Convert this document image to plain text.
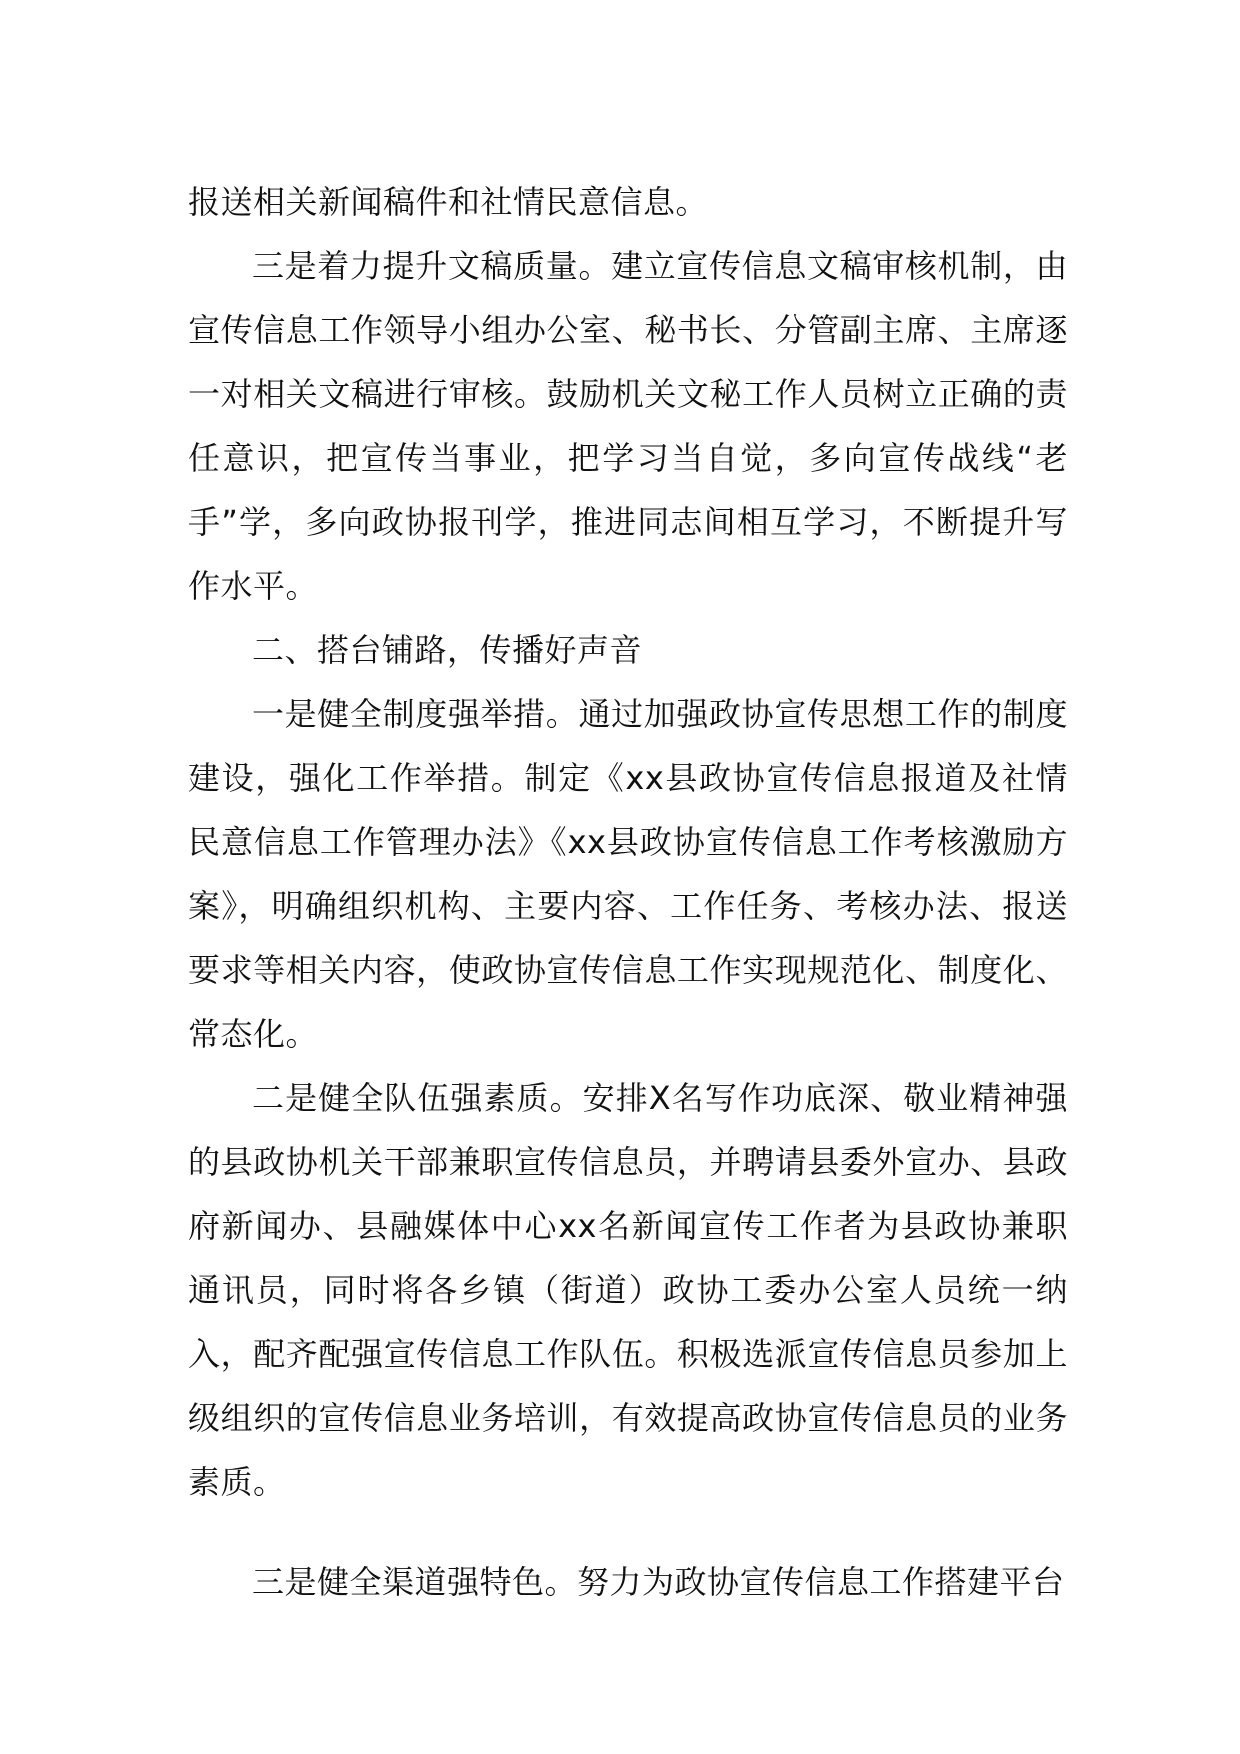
报送相关新闻稿件和社情民意信息。

三是着力提升文稿质量。建立宣传信息文稿审核机制，由宣传信息工作领导小组办公室、秘书长、分管副主席、主席逐一对相关文稿进行审核。鼓励机关文秘工作人员树立正确的责任意识，把宣传当事业，把学习当自觉，多向宣传战线“老手”学，多向政协报刊学，推进同志间相互学习，不断提升写作水平。

二、搭台铺路，传播好声音

一是健全制度强举措。通过加强政协宣传思想工作的制度建设，强化工作举措。制定《xx县政协宣传信息报道及社情民意信息工作管理办法》《xx县政协宣传信息工作考核激励方案》，明确组织机构、主要内容、工作任务、考核办法、报送要求等相关内容，使政协宣传信息工作实现规范化、制度化、常态化。

二是健全队伍强素质。安排X名写作功底深、敬业精神强的县政协机关干部兼职宣传信息员，并聘请县委外宣办、县政府新闻办、县融媒体中心xx名新闻宣传工作者为县政协兼职通讯员，同时将各乡镇（街道）政协工委办公室人员统一纳入，配齐配强宣传信息工作队伍。积极选派宣传信息员参加上级组织的宣传信息业务培训，有效提高政协宣传信息员的业务素质。

三是健全渠道强特色。努力为政协宣传信息工作搭建平台
